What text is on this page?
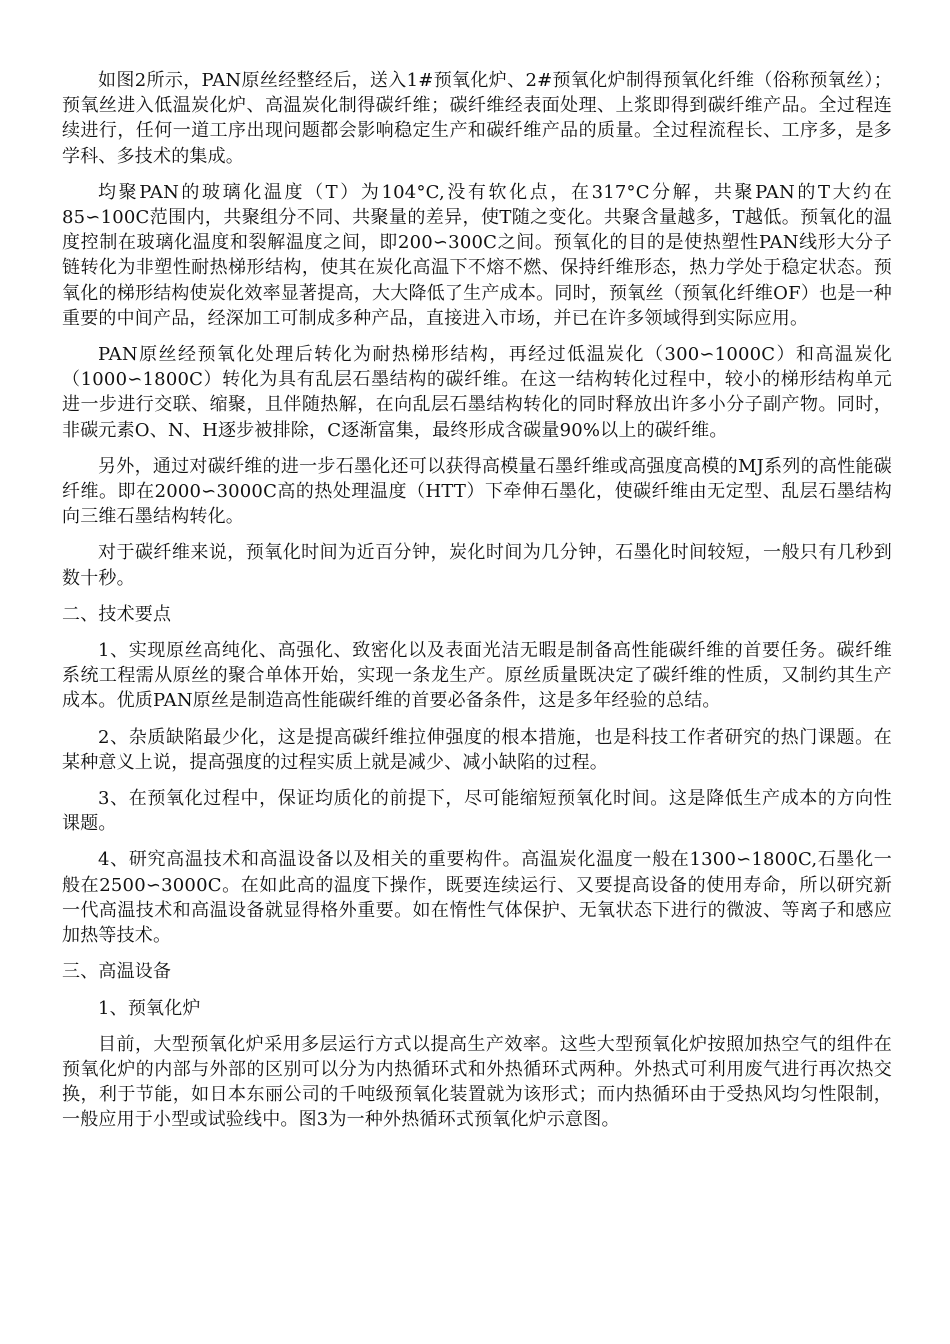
如图2所示，PAN原丝经整经后，送入1#预氧化炉、2#预氧化炉制得预氧化纤维（俗称预氧丝）；预氧丝进入低温炭化炉、高温炭化制得碳纤维；碳纤维经表面处理、上浆即得到碳纤维产品。全过程连续进行，任何一道工序出现问题都会影响稳定生产和碳纤维产品的质量。全过程流程长、工序多，是多学科、多技术的集成。

均聚PAN的玻璃化温度（T）为104°C,没有软化点，在317°C分解，共聚PAN的T大约在85∽100C范围内，共聚组分不同、共聚量的差异，使T随之变化。共聚含量越多，T越低。预氧化的温度控制在玻璃化温度和裂解温度之间，即200∽300C之间。预氧化的目的是使热塑性PAN线形大分子链转化为非塑性耐热梯形结构，使其在炭化高温下不熔不燃、保持纤维形态，热力学处于稳定状态。预氧化的梯形结构使炭化效率显著提高，大大降低了生产成本。同时，预氧丝（预氧化纤维OF）也是一种重要的中间产品，经深加工可制成多种产品，直接进入市场，并已在许多领域得到实际应用。

PAN原丝经预氧化处理后转化为耐热梯形结构，再经过低温炭化（300∽1000C）和高温炭化（1000∽1800C）转化为具有乱层石墨结构的碳纤维。在这一结构转化过程中，较小的梯形结构单元进一步进行交联、缩聚，且伴随热解，在向乱层石墨结构转化的同时释放出许多小分子副产物。同时，非碳元素O、N、H逐步被排除，C逐渐富集，最终形成含碳量90%以上的碳纤维。

另外，通过对碳纤维的进一步石墨化还可以获得高模量石墨纤维或高强度高模的MJ系列的高性能碳纤维。即在2000∽3000C高的热处理温度（HTT）下牵伸石墨化，使碳纤维由无定型、乱层石墨结构向三维石墨结构转化。

对于碳纤维来说，预氧化时间为近百分钟，炭化时间为几分钟，石墨化时间较短，一般只有几秒到数十秒。

二、技术要点

1、实现原丝高纯化、高强化、致密化以及表面光洁无暇是制备高性能碳纤维的首要任务。碳纤维系统工程需从原丝的聚合单体开始，实现一条龙生产。原丝质量既决定了碳纤维的性质，又制约其生产成本。优质PAN原丝是制造高性能碳纤维的首要必备条件，这是多年经验的总结。

2、杂质缺陷最少化，这是提高碳纤维拉伸强度的根本措施，也是科技工作者研究的热门课题。在某种意义上说，提高强度的过程实质上就是减少、减小缺陷的过程。

3、在预氧化过程中，保证均质化的前提下，尽可能缩短预氧化时间。这是降低生产成本的方向性课题。

4、研究高温技术和高温设备以及相关的重要构件。高温炭化温度一般在1300∽1800C,石墨化一般在2500∽3000C。在如此高的温度下操作，既要连续运行、又要提高设备的使用寿命，所以研究新一代高温技术和高温设备就显得格外重要。如在惰性气体保护、无氧状态下进行的微波、等离子和感应加热等技术。

三、高温设备

1、预氧化炉

目前，大型预氧化炉采用多层运行方式以提高生产效率。这些大型预氧化炉按照加热空气的组件在预氧化炉的内部与外部的区别可以分为内热循环式和外热循环式两种。外热式可利用废气进行再次热交换，利于节能，如日本东丽公司的千吨级预氧化装置就为该形式；而内热循环由于受热风均匀性限制，一般应用于小型或试验线中。图3为一种外热循环式预氧化炉示意图。
